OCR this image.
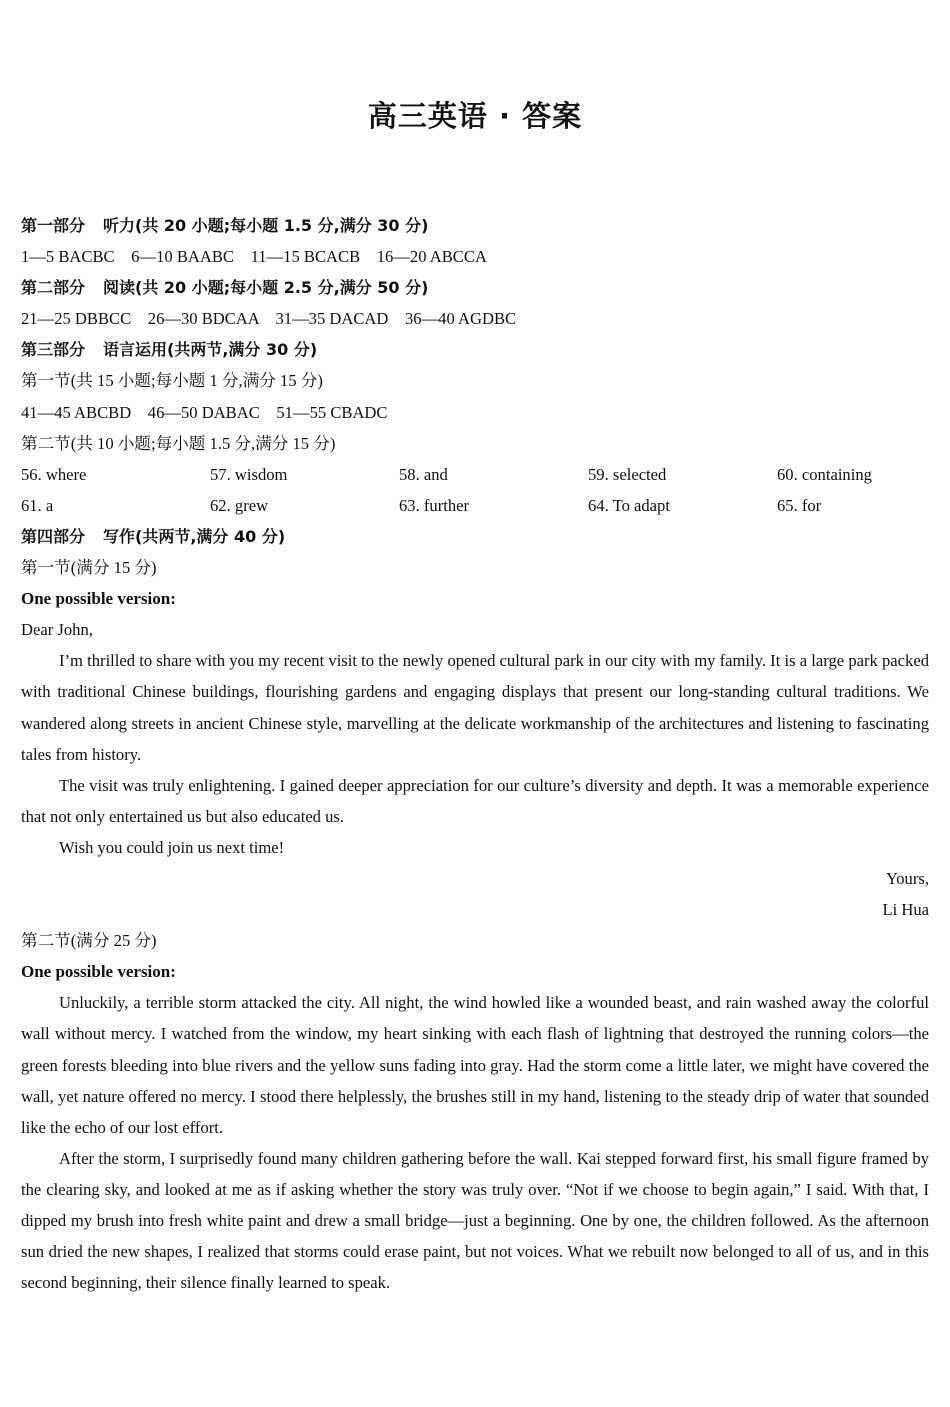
高三英语 · 答案
第一部分 听力(共 20 小题;每小题 1.5 分,满分 30 分)
1—5 BACBC　6—10 BAABC　11—15 BCACB　16—20 ABCCA
第二部分 阅读(共 20 小题;每小题 2.5 分,满分 50 分)
21—25 DBBCC　26—30 BDCAA　31—35 DACAD　36—40 AGDBC
第三部分 语言运用(共两节,满分 30 分)
第一节(共 15 小题;每小题 1 分,满分 15 分)
41—45 ABCBD　46—50 DABAC　51—55 CBADC
第二节(共 10 小题;每小题 1.5 分,满分 15 分)
56. where	57. wisdom	58. and	59. selected	60. containing
61. a	62. grew	63. further	64. To adapt	65. for
第四部分 写作(共两节,满分 40 分)
第一节(满分 15 分)
One possible version:
Dear John,

I’m thrilled to share with you my recent visit to the newly opened cultural park in our city with my family. It is a large park packed with traditional Chinese buildings, flourishing gardens and engaging displays that present our long-standing cultural traditions. We wandered along streets in ancient Chinese style, marvelling at the delicate workmanship of the architectures and listening to fascinating tales from history.

The visit was truly enlightening. I gained deeper appreciation for our culture’s diversity and depth. It was a memorable experience that not only entertained us but also educated us.

Wish you could join us next time!

Yours,
Li Hua
第二节(满分 25 分)
One possible version:

Unluckily, a terrible storm attacked the city. All night, the wind howled like a wounded beast, and rain washed away the colorful wall without mercy. I watched from the window, my heart sinking with each flash of lightning that destroyed the running colors—the green forests bleeding into blue rivers and the yellow suns fading into gray. Had the storm come a little later, we might have covered the wall, yet nature offered no mercy. I stood there helplessly, the brushes still in my hand, listening to the steady drip of water that sounded like the echo of our lost effort.

After the storm, I surprisedly found many children gathering before the wall. Kai stepped forward first, his small figure framed by the clearing sky, and looked at me as if asking whether the story was truly over. “Not if we choose to begin again,” I said. With that, I dipped my brush into fresh white paint and drew a small bridge—just a beginning. One by one, the children followed. As the afternoon sun dried the new shapes, I realized that storms could erase paint, but not voices. What we rebuilt now belonged to all of us, and in this second beginning, their silence finally learned to speak.
